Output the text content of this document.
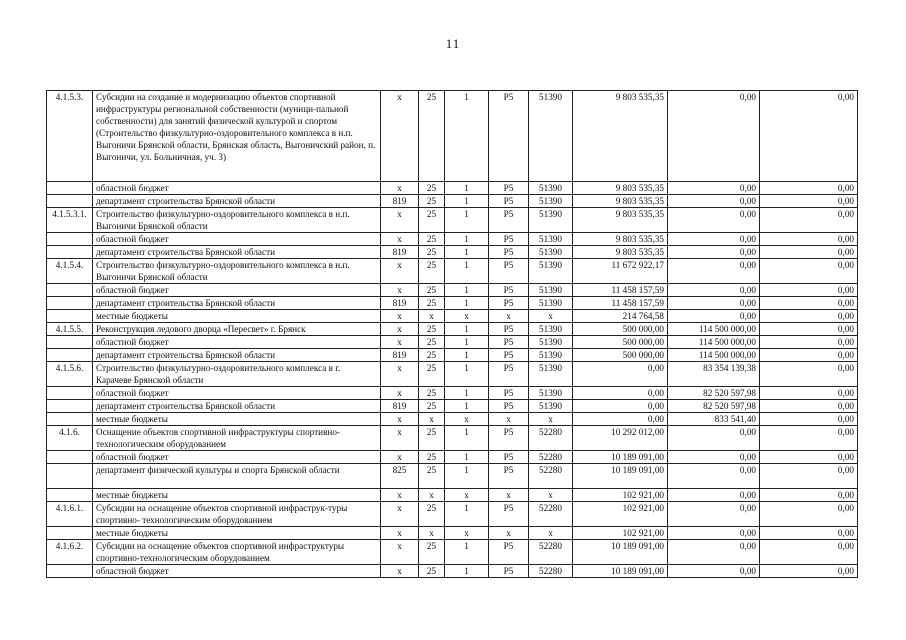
11
4.1.5.3.	Субсидии на создание и модернизацию объектов спортивной инфраструктуры региональной собственности (муници-пальной собственности) для занятий физической культурой и спортом (Строительство физкультурно-оздоровительного комплекса в н.п. Выгоничи Брянской области, Брянская область, Выгоничский район, п. Выгоничи, ул. Больничная, уч. 3)	х	25	1	Р5	51390	9 803 535,35	0,00	0,00
	областной бюджет	х	25	1	Р5	51390	9 803 535,35	0,00	0,00
	департамент строительства Брянской области	819	25	1	Р5	51390	9 803 535,35	0,00	0,00
4.1.5.3.1.	Строительство физкультурно-оздоровительного комплекса в н.п. Выгоничи Брянской области	х	25	1	Р5	51390	9 803 535,35	0,00	0,00
	областной бюджет	х	25	1	Р5	51390	9 803 535,35	0,00	0,00
	департамент строительства Брянской области	819	25	1	Р5	51390	9 803 535,35	0,00	0,00
4.1.5.4.	Строительство физкультурно-оздоровительного комплекса в н.п. Выгоничи Брянской области	х	25	1	Р5	51390	11 672 922,17	0,00	0,00
	областной бюджет	х	25	1	Р5	51390	11 458 157,59	0,00	0,00
	департамент строительства Брянской области	819	25	1	Р5	51390	11 458 157,59	0,00	0,00
	местные бюджеты	х	х	х	х	х	214 764,58	0,00	0,00
4.1.5.5.	Реконструкция ледового дворца «Пересвет» г. Брянск	х	25	1	Р5	51390	500 000,00	114 500 000,00	0,00
	областной бюджет	х	25	1	Р5	51390	500 000,00	114 500 000,00	0,00
	департамент строительства Брянской области	819	25	1	Р5	51390	500 000,00	114 500 000,00	0,00
4.1.5.6.	Строительство физкультурно-оздоровительного комплекса в г. Карачеве Брянской области	х	25	1	Р5	51390	0,00	83 354 139,38	0,00
	областной бюджет	х	25	1	Р5	51390	0,00	82 520 597,98	0,00
	департамент строительства Брянской области	819	25	1	Р5	51390	0,00	82 520 597,98	0,00
	местные бюджеты	х	х	х	х	х	0,00	833 541,40	0,00
4.1.6.	Оснащение объектов спортивной инфраструктуры спортивно-технологическим оборудованием	х	25	1	Р5	52280	10 292 012,00	0,00	0,00
	областной бюджет	х	25	1	Р5	52280	10 189 091,00	0,00	0,00
	департамент физической культуры и спорта Брянской области	825	25	1	Р5	52280	10 189 091,00	0,00	0,00
	местные бюджеты	х	х	х	х	х	102 921,00	0,00	0,00
4.1.6.1.	Субсидии на оснащение объектов спортивной инфраструк-туры спортивно- технологическим оборудованием	х	25	1	Р5	52280	102 921,00	0,00	0,00
	местные бюджеты	х	х	х	х	х	102 921,00	0,00	0,00
4.1.6.2.	Субсидии на оснащение объектов спортивной инфраструктуры спортивно-технологическим оборудованием	х	25	1	Р5	52280	10 189 091,00	0,00	0,00
	областной бюджет	х	25	1	Р5	52280	10 189 091,00	0,00	0,00
